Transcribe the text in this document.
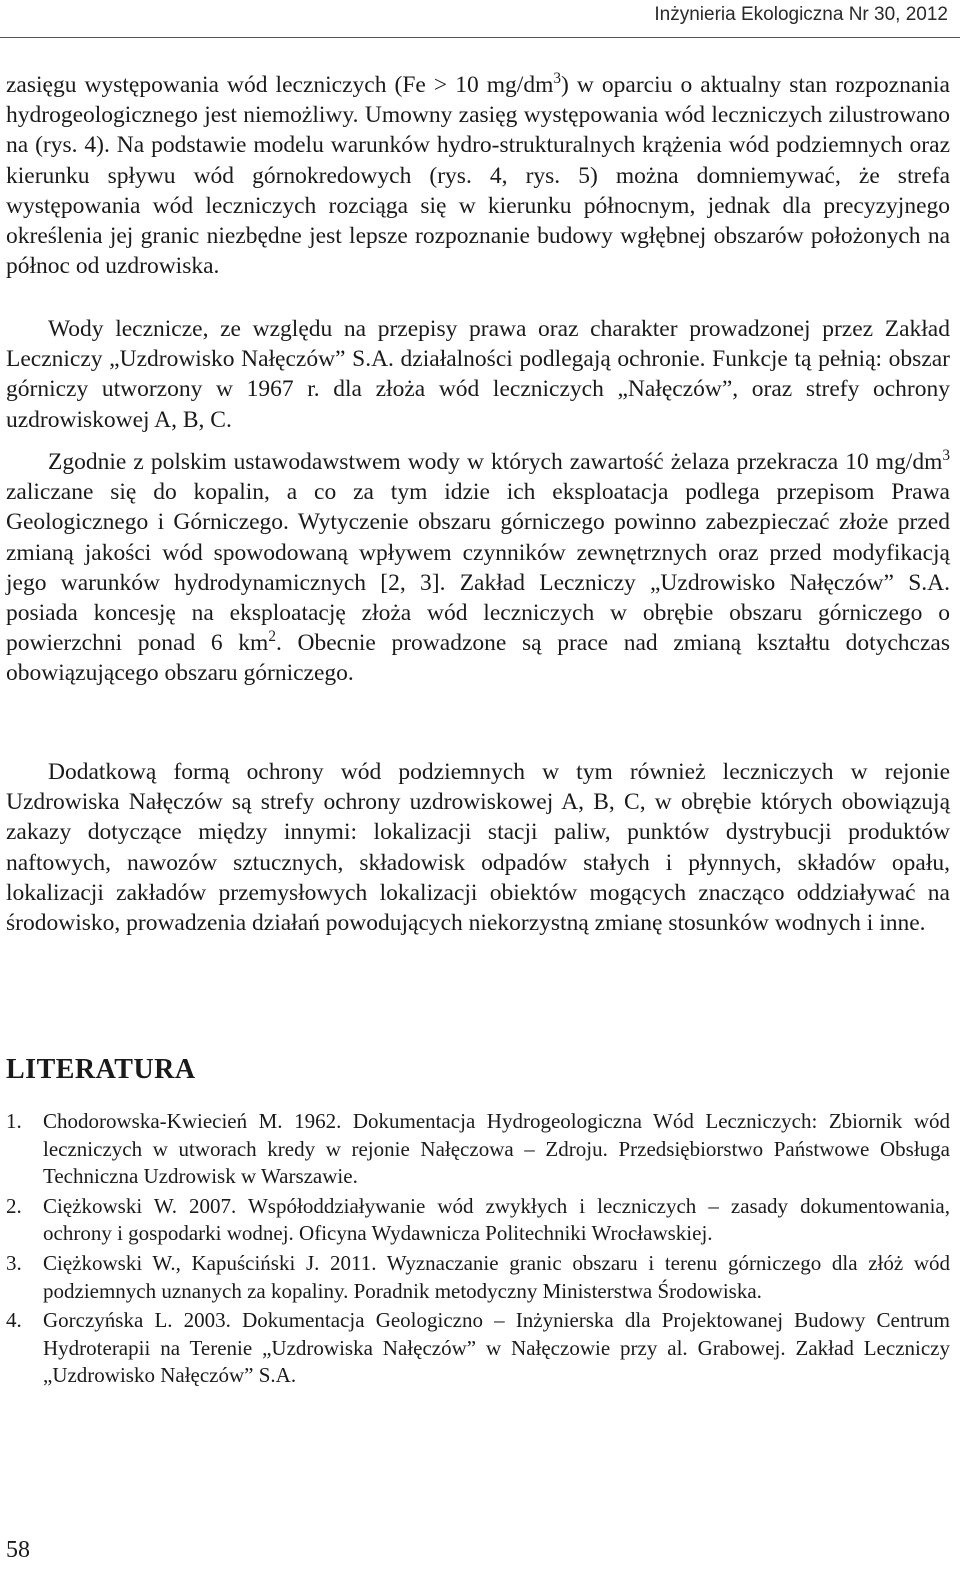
Inżynieria Ekologiczna Nr 30, 2012

zasięgu występowania wód leczniczych (Fe > 10 $mg/dm^3$) w oparciu o aktualny stan rozpoznania hydrogeologicznego jest niemożliwy. Umowny zasięg występowania wód leczniczych zilustrowano na (rys. 4). Na podstawie modelu warunków hydro-strukturalnych krążenia wód podziemnych oraz kierunku spływu wód górnokredowych (rys. 4, rys. 5) można domniemywać, że strefa występowania wód leczniczych rozciąga się w kierunku północnym, jednak dla precyzyjnego określenia jej granic niezbędne jest lepsze rozpoznanie budowy wgłębnej obszarów położonych na północ od uzdrowiska.

Wody lecznicze, ze względu na przepisy prawa oraz charakter prowadzonej przez Zakład Leczniczy „Uzdrowisko Nałęczów” S.A. działalności podlegają ochronie. Funkcje tą pełnią: obszar górniczy utworzony w 1967 r. dla złoża wód leczniczych „Nałęczów”, oraz strefy ochrony uzdrowiskowej A, B, C.

Zgodnie z polskim ustawodawstwem wody w których zawartość żelaza przekracza 10 $mg/dm^3$ zaliczane się do kopalin, a co za tym idzie ich eksploatacja podlega przepisom Prawa Geologicznego i Górniczego. Wytyczenie obszaru górniczego powinno zabezpieczać złoże przed zmianą jakości wód spowodowaną wpływem czynników zewnętrznych oraz przed modyfikacją jego warunków hydrodynamicznych [2, 3]. Zakład Leczniczy „Uzdrowisko Nałęczów” S.A. posiada koncesję na eksploatację złoża wód leczniczych w obrębie obszaru górniczego o powierzchni ponad 6 $km^2$. Obecnie prowadzone są prace nad zmianą kształtu dotychczas obowiązującego obszaru górniczego.

Dodatkową formą ochrony wód podziemnych w tym również leczniczych w rejonie Uzdrowiska Nałęczów są strefy ochrony uzdrowiskowej A, B, C, w obrębie których obowiązują zakazy dotyczące między innymi: lokalizacji stacji paliw, punktów dystrybucji produktów naftowych, nawozów sztucznych, składowisk odpadów stałych i płynnych, składów opału, lokalizacji zakładów przemysłowych lokalizacji obiektów mogących znacząco oddziaływać na środowisko, prowadzenia działań powodujących niekorzystną zmianę stosunków wodnych i inne.

LITERATURA
1. Chodorowska-Kwiecień M. 1962. Dokumentacja Hydrogeologiczna Wód Leczniczych: Zbiornik wód leczniczych w utworach kredy w rejonie Nałęczowa – Zdroju. Przedsiębiorstwo Państwowe Obsługa Techniczna Uzdrowisk w Warszawie.
2. Ciężkowski W. 2007. Współoddziaływanie wód zwykłych i leczniczych – zasady dokumentowania, ochrony i gospodarki wodnej. Oficyna Wydawnicza Politechniki Wrocławskiej.
3. Ciężkowski W., Kapuściński J. 2011. Wyznaczanie granic obszaru i terenu górniczego dla złóż wód podziemnych uznanych za kopaliny. Poradnik metodyczny Ministerstwa Środowiska.
4. Gorczyńska L. 2003. Dokumentacja Geologiczno – Inżynierska dla Projektowanej Budowy Centrum Hydroterapii na Terenie „Uzdrowiska Nałęczów” w Nałęczowie przy al. Grabowej. Zakład Leczniczy „Uzdrowisko Nałęczów” S.A.
58
